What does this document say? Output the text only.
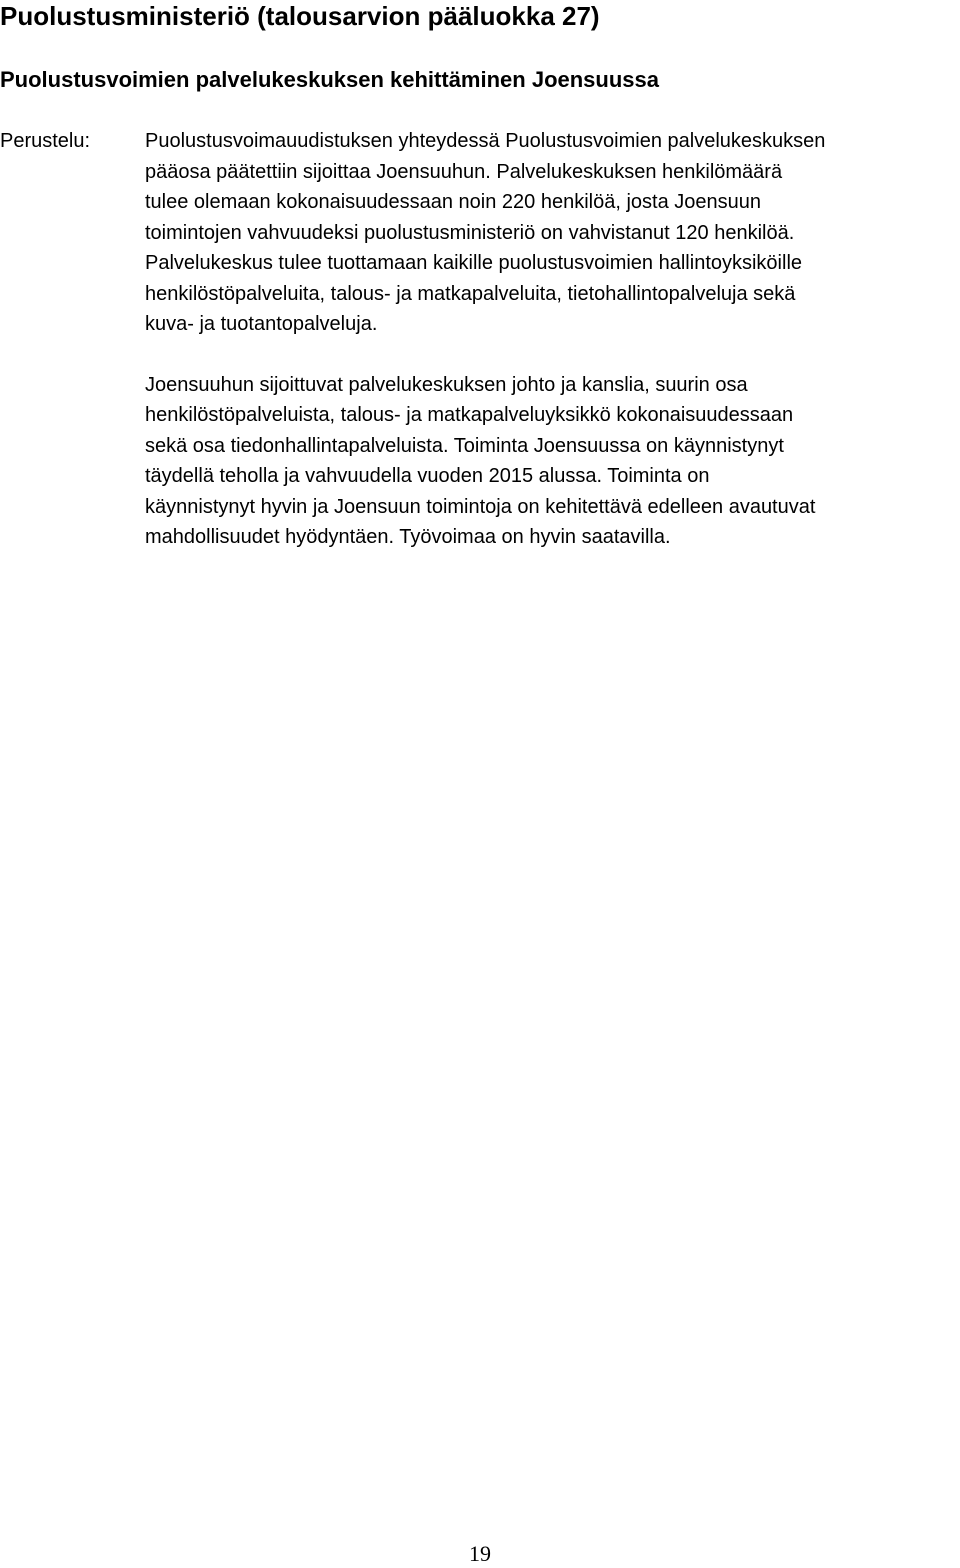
Puolustusministeriö (talousarvion pääluokka 27)
Puolustusvoimien palvelukeskuksen kehittäminen Joensuussa
Perustelu:	Puolustusvoimauudistuksen yhteydessä Puolustusvoimien palvelukeskuksen
pääosa päätettiin sijoittaa Joensuuhun. Palvelukeskuksen henkilömäärä
tulee olemaan kokonaisuudessaan noin 220 henkilöä, josta Joensuun
toimintojen vahvuudeksi puolustusministeriö on vahvistanut 120 henkilöä.
Palvelukeskus tulee tuottamaan kaikille puolustusvoimien hallintoyksiköille
henkilöstöpalveluita, talous- ja matkapalveluita, tietohallintopalveluja sekä
kuva- ja tuotantopalveluja.

Joensuuhun sijoittuvat palvelukeskuksen johto ja kanslia, suurin osa
henkilöstöpalveluista, talous- ja matkapalveluyksikkö kokonaisuudessaan
sekä osa tiedonhallintapalveluista. Toiminta Joensuussa on käynnistynyt
täydellä teholla ja vahvuudella vuoden 2015 alussa. Toiminta on
käynnistynyt hyvin ja Joensuun toimintoja on kehitettävä edelleen avautuvat
mahdollisuudet hyödyntäen. Työvoimaa on hyvin saatavilla.

19
